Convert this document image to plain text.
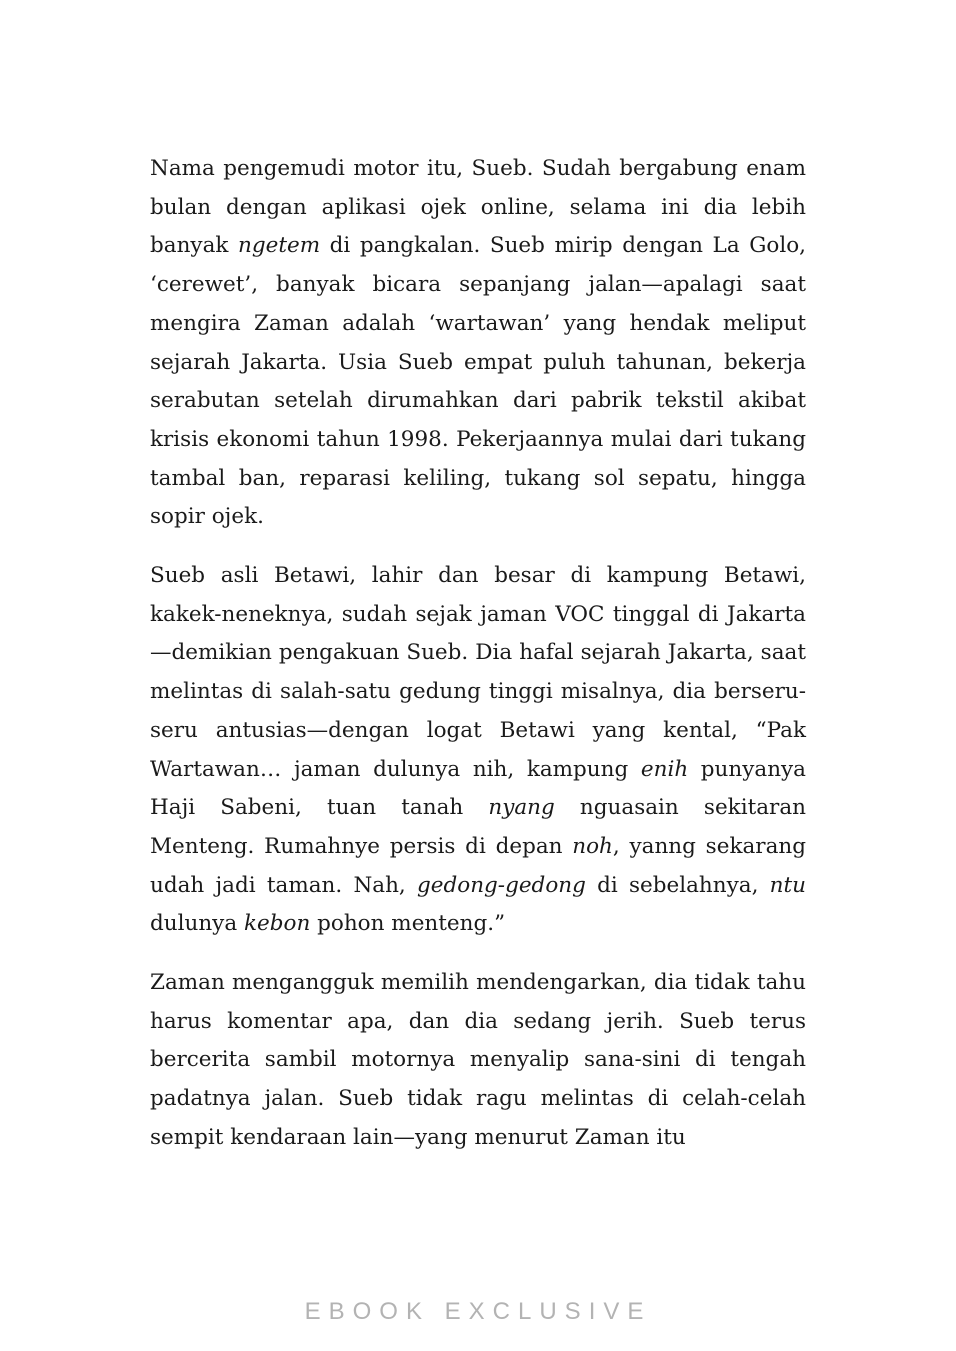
Nama pengemudi motor itu, Sueb. Sudah bergabung enam bulan dengan aplikasi ojek online, selama ini dia lebih banyak ngetem di pangkalan. Sueb mirip dengan La Golo, ‘cerewet’, banyak bicara sepanjang jalan—apalagi saat mengira Zaman adalah ‘wartawan’ yang hendak meliput sejarah Jakarta. Usia Sueb empat puluh tahunan, bekerja serabutan setelah dirumahkan dari pabrik tekstil akibat krisis ekonomi tahun 1998. Pekerjaannya mulai dari tukang tambal ban, reparasi keliling, tukang sol sepatu, hingga sopir ojek.

Sueb asli Betawi, lahir dan besar di kampung Betawi, kakek-neneknya, sudah sejak jaman VOC tinggal di Jakarta—demikian pengakuan Sueb. Dia hafal sejarah Jakarta, saat melintas di salah-satu gedung tinggi misalnya, dia berseru-seru antusias—dengan logat Betawi yang kental, “Pak Wartawan… jaman dulunya nih, kampung enih punyanya Haji Sabeni, tuan tanah nyang nguasain sekitaran Menteng. Rumahnye persis di depan noh, yanng sekarang udah jadi taman. Nah, gedong-gedong di sebelahnya, ntu dulunya kebon pohon menteng.”

Zaman mengangguk memilih mendengarkan, dia tidak tahu harus komentar apa, dan dia sedang jerih. Sueb terus bercerita sambil motornya menyalip sana-sini di tengah padatnya jalan. Sueb tidak ragu melintas di celah-celah sempit kendaraan lain—yang menurut Zaman itu

EBOOK EXCLUSIVE
